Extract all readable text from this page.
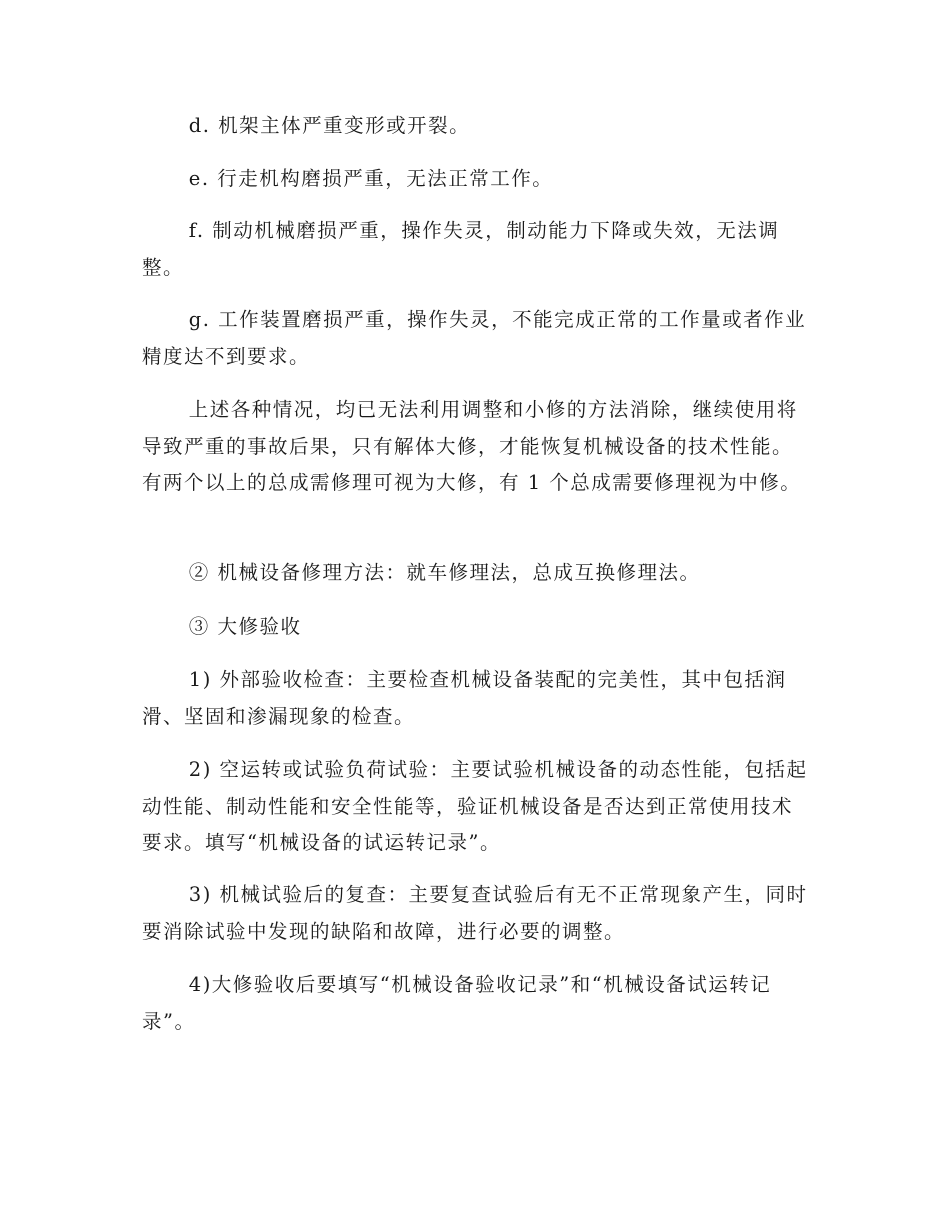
d. 机架主体严重变形或开裂。

e. 行走机构磨损严重，无法正常工作。

f. 制动机械磨损严重，操作失灵，制动能力下降或失效，无法调整。

g. 工作装置磨损严重，操作失灵，不能完成正常的工作量或者作业精度达不到要求。

上述各种情况，均已无法利用调整和小修的方法消除，继续使用将导致严重的事故后果，只有解体大修，才能恢复机械设备的技术性能。有两个以上的总成需修理可视为大修，有 1 个总成需要修理视为中修。

② 机械设备修理方法：就车修理法，总成互换修理法。

③ 大修验收

1) 外部验收检查：主要检查机械设备装配的完美性，其中包括润滑、坚固和渗漏现象的检查。

2) 空运转或试验负荷试验：主要试验机械设备的动态性能，包括起动性能、制动性能和安全性能等，验证机械设备是否达到正常使用技术要求。填写“机械设备的试运转记录”。

3) 机械试验后的复查：主要复查试验后有无不正常现象产生，同时要消除试验中发现的缺陷和故障，进行必要的调整。

4)大修验收后要填写“机械设备验收记录”和“机械设备试运转记录”。
